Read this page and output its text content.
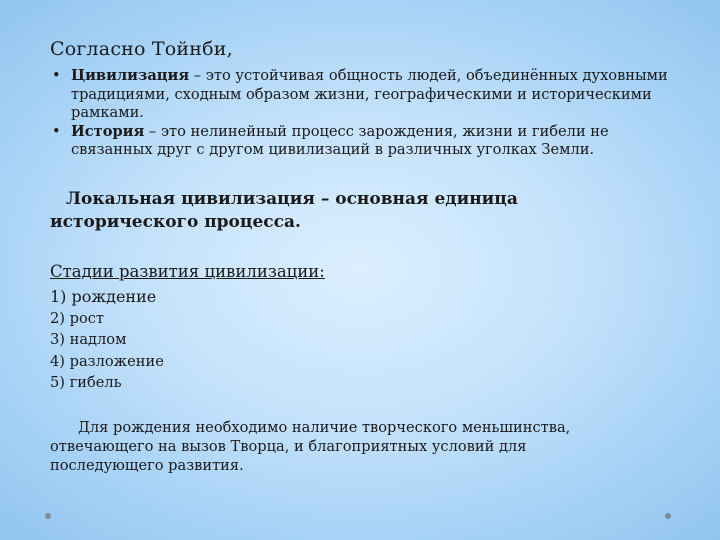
Согласно Тойнби,
• Цивилизация – это устойчивая общность людей, объединённых духовными традициями, сходным образом жизни, географическими и историческими рамками.
• История – это нелинейный процесс зарождения, жизни и гибели не связанных друг с другом цивилизаций в различных уголках Земли.
Локальная цивилизация – основная единица
исторического процесса.
Стадии развития цивилизации:
1) рождение
2) рост
3) надлом
4) разложение
5) гибель
Для рождения необходимо наличие творческого меньшинства,
отвечающего на вызов Творца, и благоприятных условий для
последующего развития.
